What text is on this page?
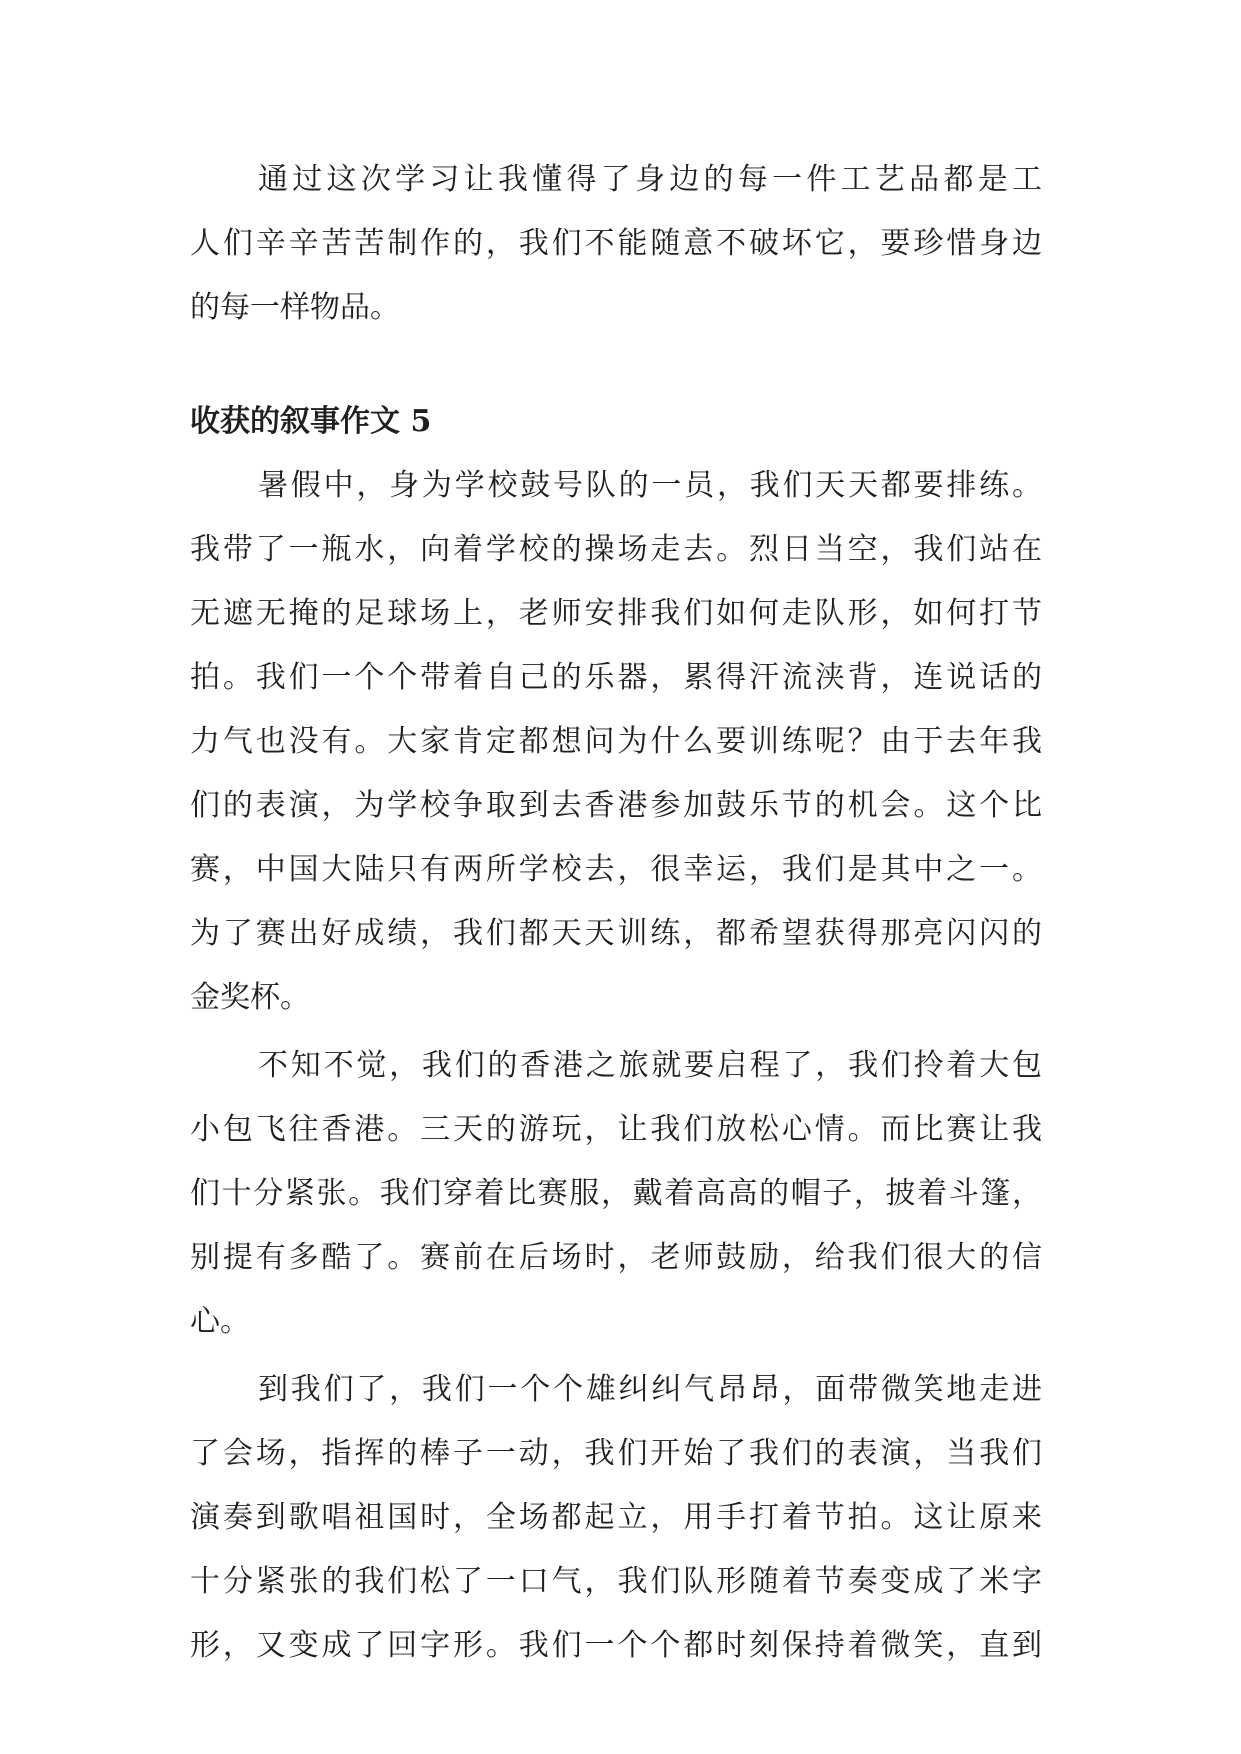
通过这次学习让我懂得了身边的每一件工艺品都是工

人们辛辛苦苦制作的，我们不能随意不破坏它，要珍惜身边

的每一样物品。

收获的叙事作文 5

暑假中，身为学校鼓号队的一员，我们天天都要排练。

我带了一瓶水，向着学校的操场走去。烈日当空，我们站在

无遮无掩的足球场上，老师安排我们如何走队形，如何打节

拍。我们一个个带着自己的乐器，累得汗流浃背，连说话的

力气也没有。大家肯定都想问为什么要训练呢？由于去年我

们的表演，为学校争取到去香港参加鼓乐节的机会。这个比

赛，中国大陆只有两所学校去，很幸运，我们是其中之一。

为了赛出好成绩，我们都天天训练，都希望获得那亮闪闪的

金奖杯。

不知不觉，我们的香港之旅就要启程了，我们拎着大包

小包飞往香港。三天的游玩，让我们放松心情。而比赛让我

们十分紧张。我们穿着比赛服，戴着高高的帽子，披着斗篷，

别提有多酷了。赛前在后场时，老师鼓励，给我们很大的信

心。

到我们了，我们一个个雄纠纠气昂昂，面带微笑地走进

了会场，指挥的棒子一动，我们开始了我们的表演，当我们

演奏到歌唱祖国时，全场都起立，用手打着节拍。这让原来

十分紧张的我们松了一口气，我们队形随着节奏变成了米字

形，又变成了回字形。我们一个个都时刻保持着微笑，直到
